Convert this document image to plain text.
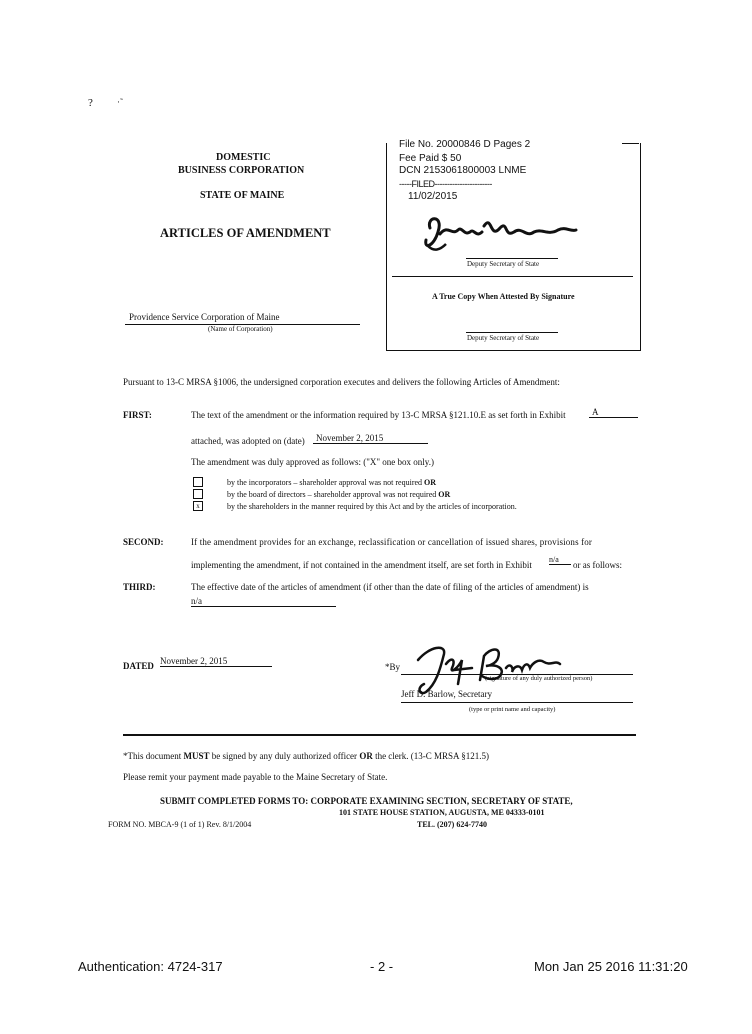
?	·˜
DOMESTIC
BUSINESS CORPORATION
STATE OF MAINE
ARTICLES OF AMENDMENT
File No. 20000846 D Pages 2
Fee Paid $ 50
DCN 2153061800003 LNME
-----FILED-----------------------
11/02/2015
Deputy Secretary of State
A True Copy When Attested By Signature
Deputy Secretary of State
Providence Service Corporation of Maine
(Name of Corporation)
Pursuant to 13-C MRSA §1006, the undersigned corporation executes and delivers the following Articles of Amendment:
FIRST:	The text of the amendment or the information required by 13-C MRSA §121.10.E as set forth in Exhibit	A
attached, was adopted on (date)	November 2, 2015	.
The amendment was duly approved as follows: ("X" one box only.)
by the incorporators – shareholder approval was not required OR
by the board of directors – shareholder approval was not required OR
x	by the shareholders in the manner required by this Act and by the articles of incorporation.
SECOND:	If the amendment provides for an exchange, reclassification or cancellation of issued shares, provisions for
implementing the amendment, if not contained in the amendment itself, are set forth in Exhibit
n/a
or as follows:
THIRD:	The effective date of the articles of amendment (if other than the date of filing of the articles of amendment) is
n/a
DATED November 2, 2015
*By
(signature of any duly authorized person)
Jeff D. Barlow, Secretary
(type or print name and capacity)
*This document MUST be signed by any duly authorized officer OR the clerk. (13-C MRSA §121.5)
Please remit your payment made payable to the Maine Secretary of State.
SUBMIT COMPLETED FORMS TO: CORPORATE EXAMINING SECTION, SECRETARY OF STATE,
101 STATE HOUSE STATION, AUGUSTA, ME 04333-0101
FORM NO. MBCA-9 (1 of 1) Rev. 8/1/2004	TEL. (207) 624-7740
Authentication: 4724-317	- 2 -	Mon Jan 25 2016 11:31:20
